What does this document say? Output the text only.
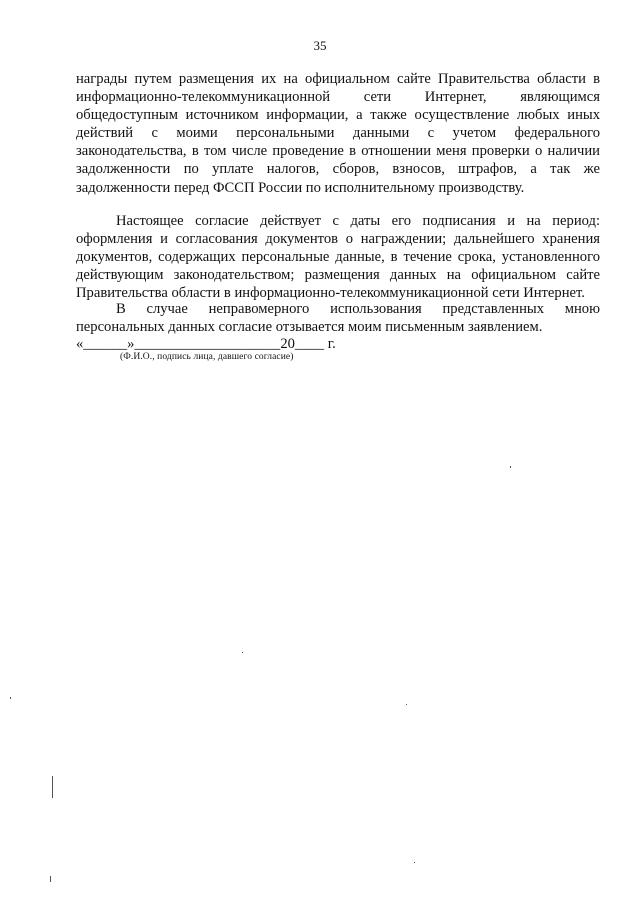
35

награды путем размещения их на официальном сайте Правительства области в информационно-телекоммуникационной сети Интернет, являющимся общедоступным источником информации, а также осуществление любых иных действий с моими персональными данными с учетом федерального законодательства, в том числе проведение в отношении меня проверки о наличии задолженности по уплате налогов, сборов, взносов, штрафов, а так же задолженности перед ФССП России по исполнительному производству.

Настоящее согласие действует с даты его подписания и на период: оформления и согласования документов о награждении; дальнейшего хранения документов, содержащих персональные данные, в течение срока, установленного действующим законодательством; размещения данных на официальном сайте Правительства области в информационно-телекоммуникационной сети Интернет.

В случае неправомерного использования представленных мною персональных данных согласие отзывается моим письменным заявлением.

«______»____________________20____ г.
(Ф.И.О., подпись лица, давшего согласие)
